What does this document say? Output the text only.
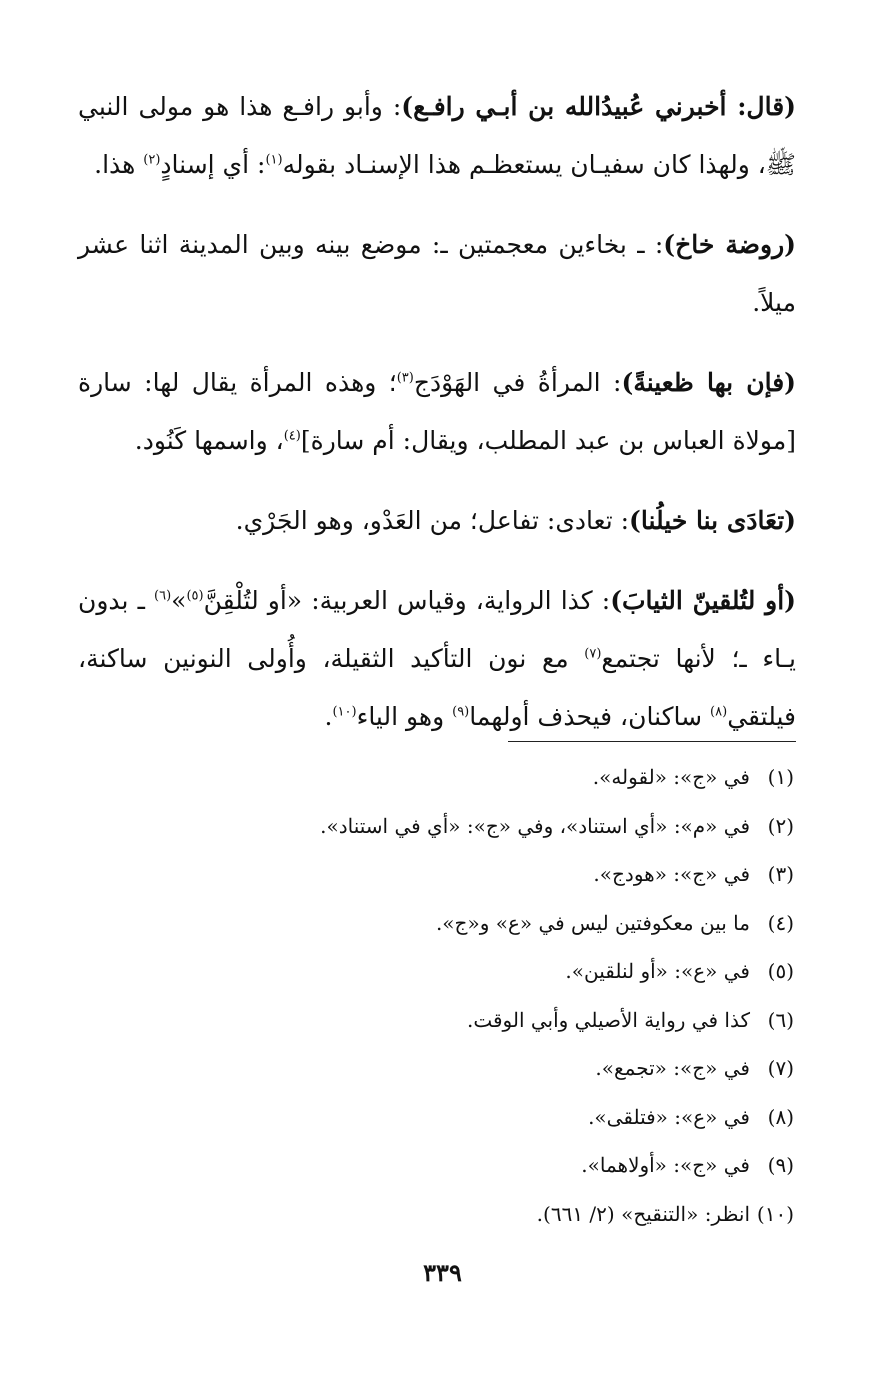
(قال: أخبرني عُبيدُالله بن أبـي رافـع): وأبو رافـع هذا هو مولى النبي ﷺ، ولهذا كان سفيـان يستعظـم هذا الإسنـاد بقوله$^{(١)}$: أي إسنادٍ$^{(٢)}$ هذا.

(روضة خاخ): ـ بخاءين معجمتين ـ: موضع بينه وبين المدينة اثنا عشر ميلاً.

(فإن بها ظعينةً): المرأةُ في الهَوْدَج$^{(٣)}$؛ وهذه المرأة يقال لها: سارة [مولاة العباس بن عبد المطلب، ويقال: أم سارة]$^{(٤)}$، واسمها كَنُود.

(تعَادَى بنا خيلُنا): تعادى: تفاعل؛ من العَدْو، وهو الجَرْي.

(أو لتُلقينّ الثيابَ): كذا الرواية، وقياس العربية: «أو لتُلْقِنَّ$^{(٥)}$»$^{(٦)}$ ـ بدون يـاء ـ؛ لأنها تجتمع$^{(٧)}$ مع نون التأكيد الثقيلة، وأُولى النونين ساكنة، فيلتقي$^{(٨)}$ ساكنان، فيحذف أولهما$^{(٩)}$ وهو الياء$^{(١٠)}$.

(١)في «ج»: «لقوله».
(٢)في «م»: «أي استناد»، وفي «ج»: «أي في استناد».
(٣)في «ج»: «هودج».
(٤)ما بين معكوفتين ليس في «ع» و«ج».
(٥)في «ع»: «أو لنلقين».
(٦)كذا في رواية الأصيلي وأبي الوقت.
(٧)في «ج»: «تجمع».
(٨)في «ع»: «فتلقى».
(٩)في «ج»: «أولاهما».
(١٠)انظر: «التنقيح» (٢/ ٦٦١).
٣٣٩
